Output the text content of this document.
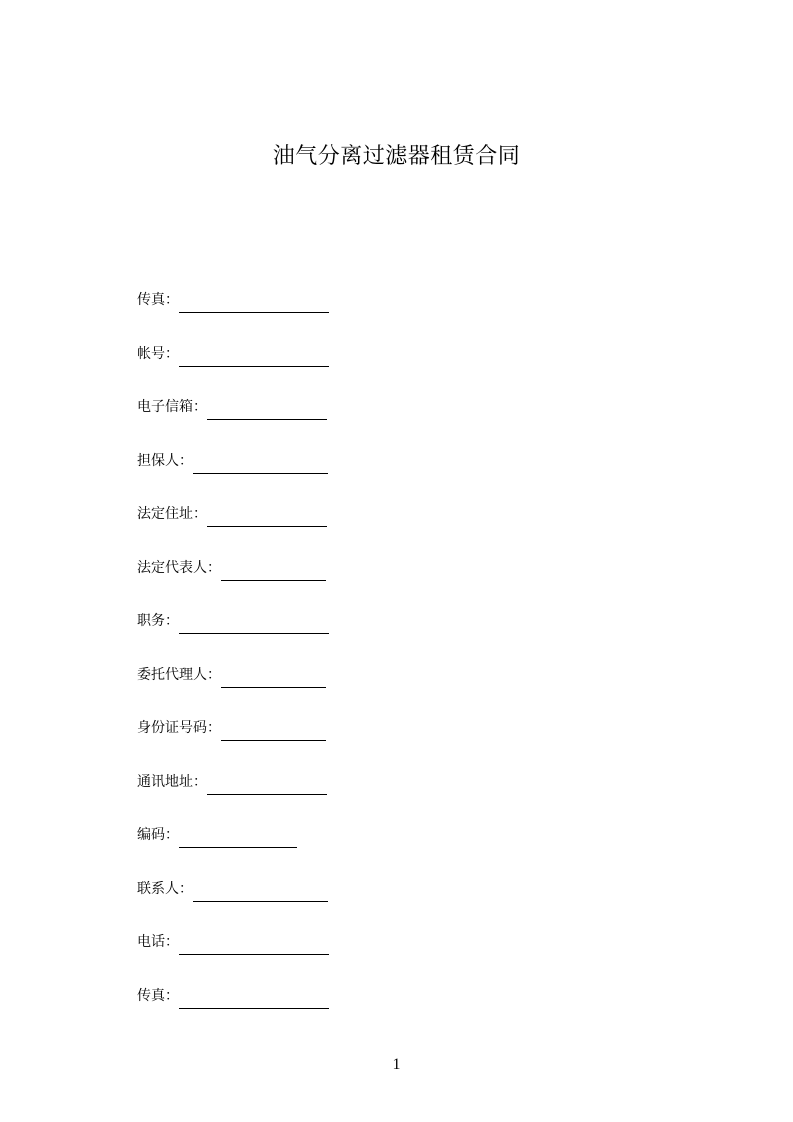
油气分离过滤器租赁合同
传真：
帐号：
电子信箱：
担保人：
法定住址：
法定代表人：
职务：
委托代理人：
身份证号码：
通讯地址：
编码：
联系人：
电话：
传真：
1
